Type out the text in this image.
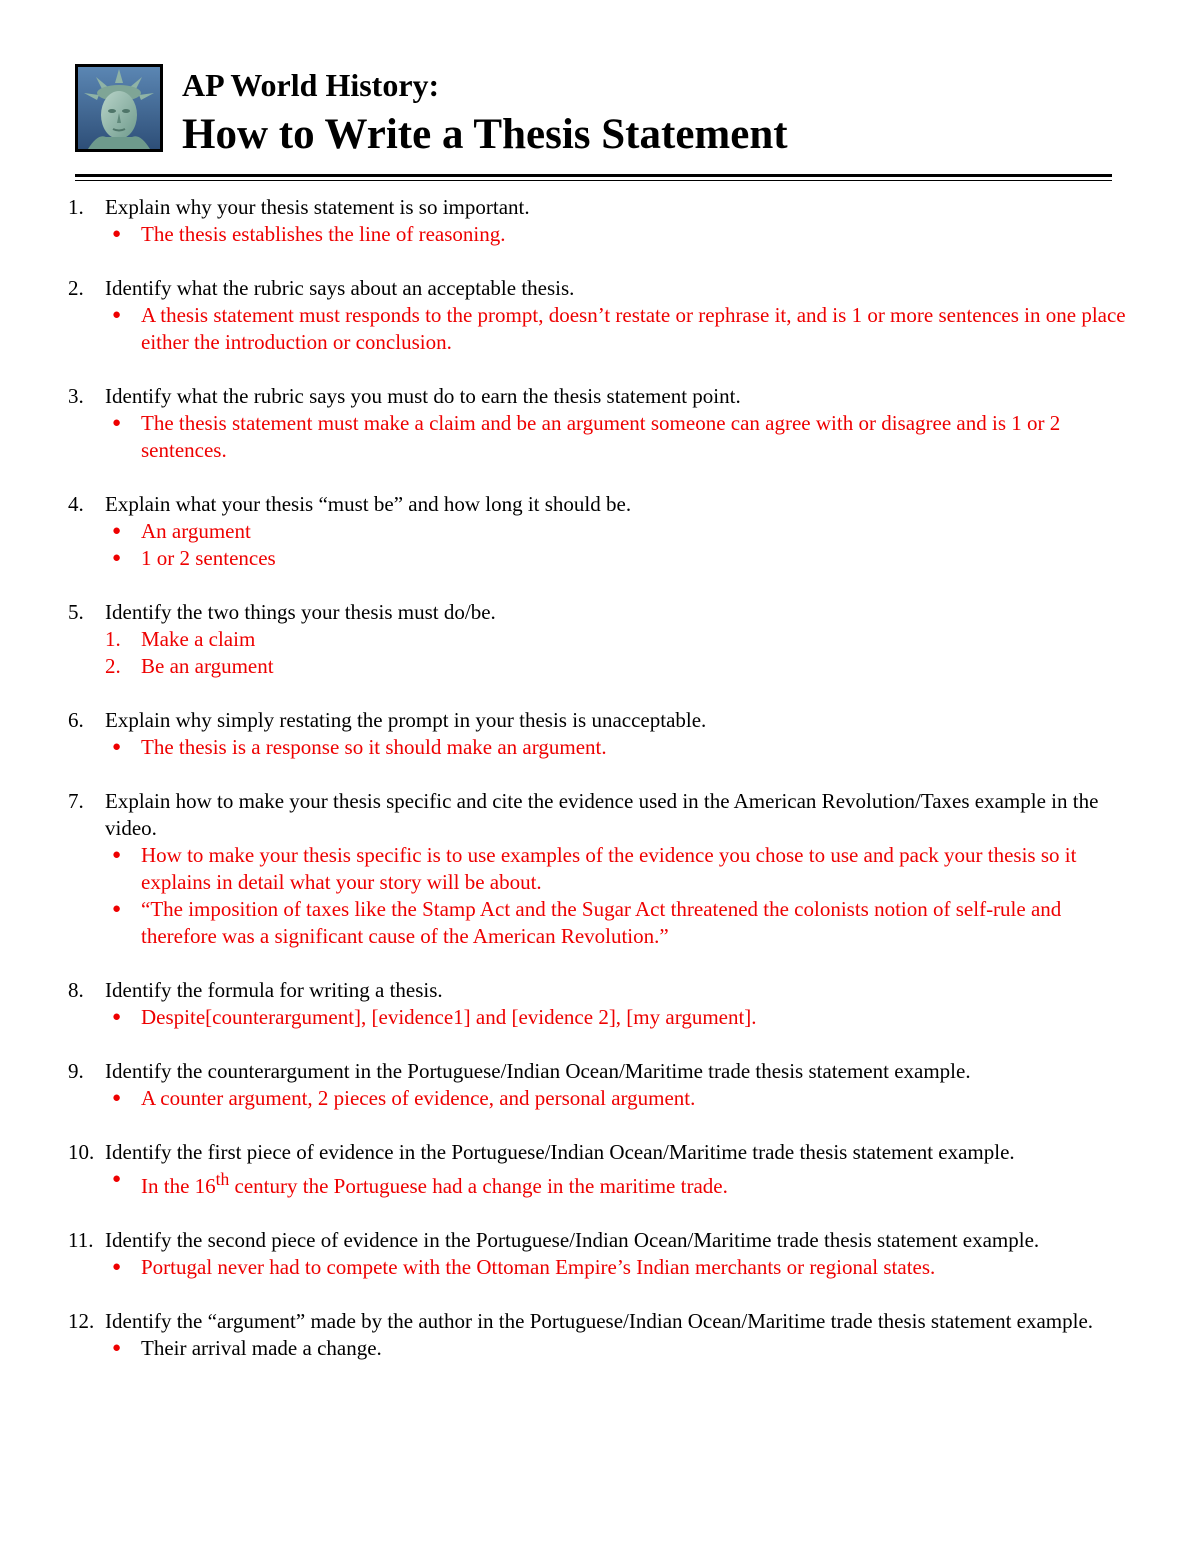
AP World History:
How to Write a Thesis Statement
1.	Explain why your thesis statement is so important.
● The thesis establishes the line of reasoning.
2.	Identify what the rubric says about an acceptable thesis.
● A thesis statement must responds to the prompt, doesn’t restate or rephrase it, and is 1 or more sentences in one place either the introduction or conclusion.
3.	Identify what the rubric says you must do to earn the thesis statement point.
● The thesis statement must make a claim and be an argument someone can agree with or disagree and is 1 or 2 sentences.
4.	Explain what your thesis “must be” and how long it should be.
● An argument
● 1 or 2 sentences
5.	Identify the two things your thesis must do/be.
1. Make a claim
2. Be an argument
6.	Explain why simply restating the prompt in your thesis is unacceptable.
● The thesis is a response so it should make an argument.
7.	Explain how to make your thesis specific and cite the evidence used in the American Revolution/Taxes example in the video.
● How to make your thesis specific is to use examples of the evidence you chose to use and pack your thesis so it explains in detail what your story will be about.
● “The imposition of taxes like the Stamp Act and the Sugar Act threatened the colonists notion of self-rule and therefore was a significant cause of the American Revolution.”
8.	Identify the formula for writing a thesis.
● Despite[counterargument], [evidence1] and [evidence 2], [my argument].
9.	Identify the counterargument in the Portuguese/Indian Ocean/Maritime trade thesis statement example.
● A counter argument, 2 pieces of evidence, and personal argument.
10. Identify the first piece of evidence in the Portuguese/Indian Ocean/Maritime trade thesis statement example.
● In the 16th century the Portuguese had a change in the maritime trade.
11. Identify the second piece of evidence in the Portuguese/Indian Ocean/Maritime trade thesis statement example.
● Portugal never had to compete with the Ottoman Empire’s Indian merchants or regional states.
12. Identify the “argument” made by the author in the Portuguese/Indian Ocean/Maritime trade thesis statement example.
● Their arrival made a change.
